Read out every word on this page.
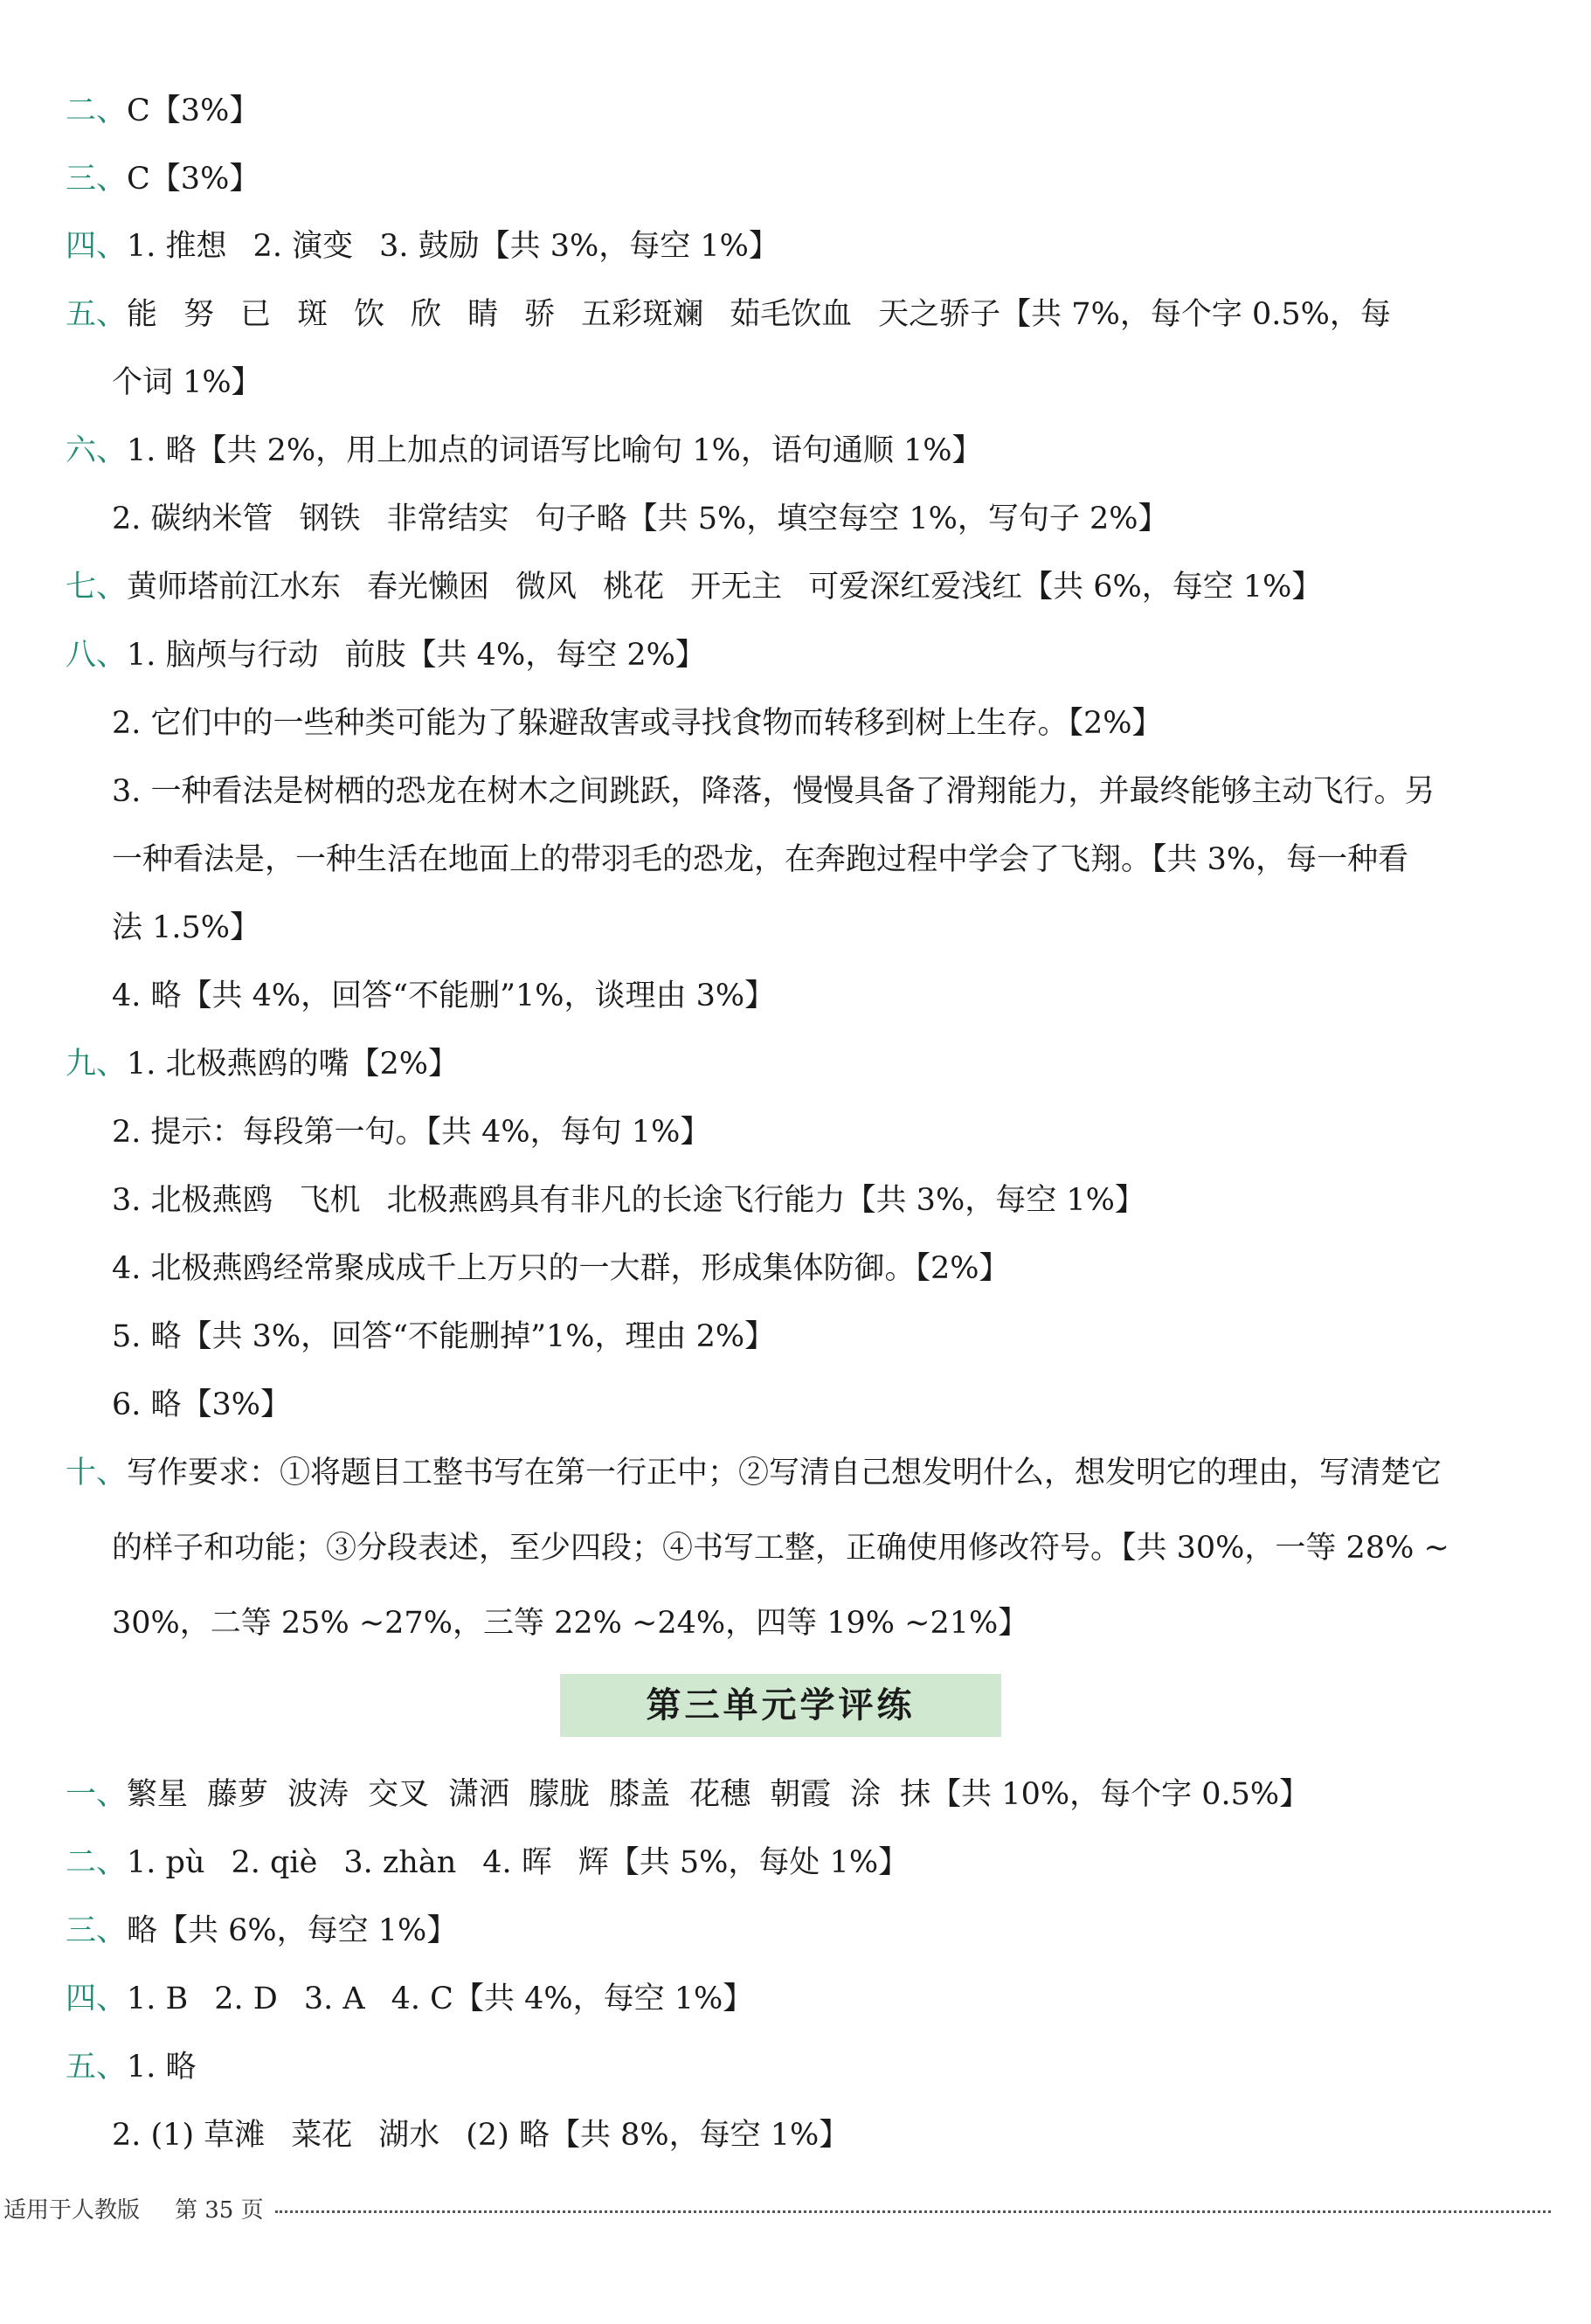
二、C【3%】
三、C【3%】
四、1. 推想 2. 演变 3. 鼓励【共 3%，每空 1%】
五、能 努 已 斑 饮 欣 睛 骄 五彩斑斓 茹毛饮血 天之骄子【共 7%，每个字 0.5%，每
个词 1%】
六、1. 略【共 2%，用上加点的词语写比喻句 1%，语句通顺 1%】
2. 碳纳米管 钢铁 非常结实 句子略【共 5%，填空每空 1%，写句子 2%】
七、黄师塔前江水东 春光懒困 微风 桃花 开无主 可爱深红爱浅红【共 6%，每空 1%】
八、1. 脑颅与行动 前肢【共 4%，每空 2%】
2. 它们中的一些种类可能为了躲避敌害或寻找食物而转移到树上生存。【2%】
3. 一种看法是树栖的恐龙在树木之间跳跃，降落，慢慢具备了滑翔能力，并最终能够主动飞行。另
一种看法是，一种生活在地面上的带羽毛的恐龙，在奔跑过程中学会了飞翔。【共 3%，每一种看
法 1.5%】
4. 略【共 4%，回答“不能删”1%，谈理由 3%】
九、1. 北极燕鸥的嘴【2%】
2. 提示：每段第一句。【共 4%，每句 1%】
3. 北极燕鸥 飞机 北极燕鸥具有非凡的长途飞行能力【共 3%，每空 1%】
4. 北极燕鸥经常聚成成千上万只的一大群，形成集体防御。【2%】
5. 略【共 3%，回答“不能删掉”1%，理由 2%】
6. 略【3%】
十、写作要求：①将题目工整书写在第一行正中；②写清自己想发明什么，想发明它的理由，写清楚它
的样子和功能；③分段表述，至少四段；④书写工整，正确使用修改符号。【共 30%，一等 28% ~
30%，二等 25% ~27%，三等 22% ~24%，四等 19% ~21%】
第三单元学评练
一、繁星 藤萝 波涛 交叉 潇洒 朦胧 膝盖 花穗 朝霞 涂 抹【共 10%，每个字 0.5%】
二、1. pù 2. qiè 3. zhàn 4. 晖 辉【共 5%，每处 1%】
三、略【共 6%，每空 1%】
四、1. B 2. D 3. A 4. C【共 4%，每空 1%】
五、1. 略
2. (1) 草滩 菜花 湖水 (2) 略【共 8%，每空 1%】
适用于人教版 第 35 页
